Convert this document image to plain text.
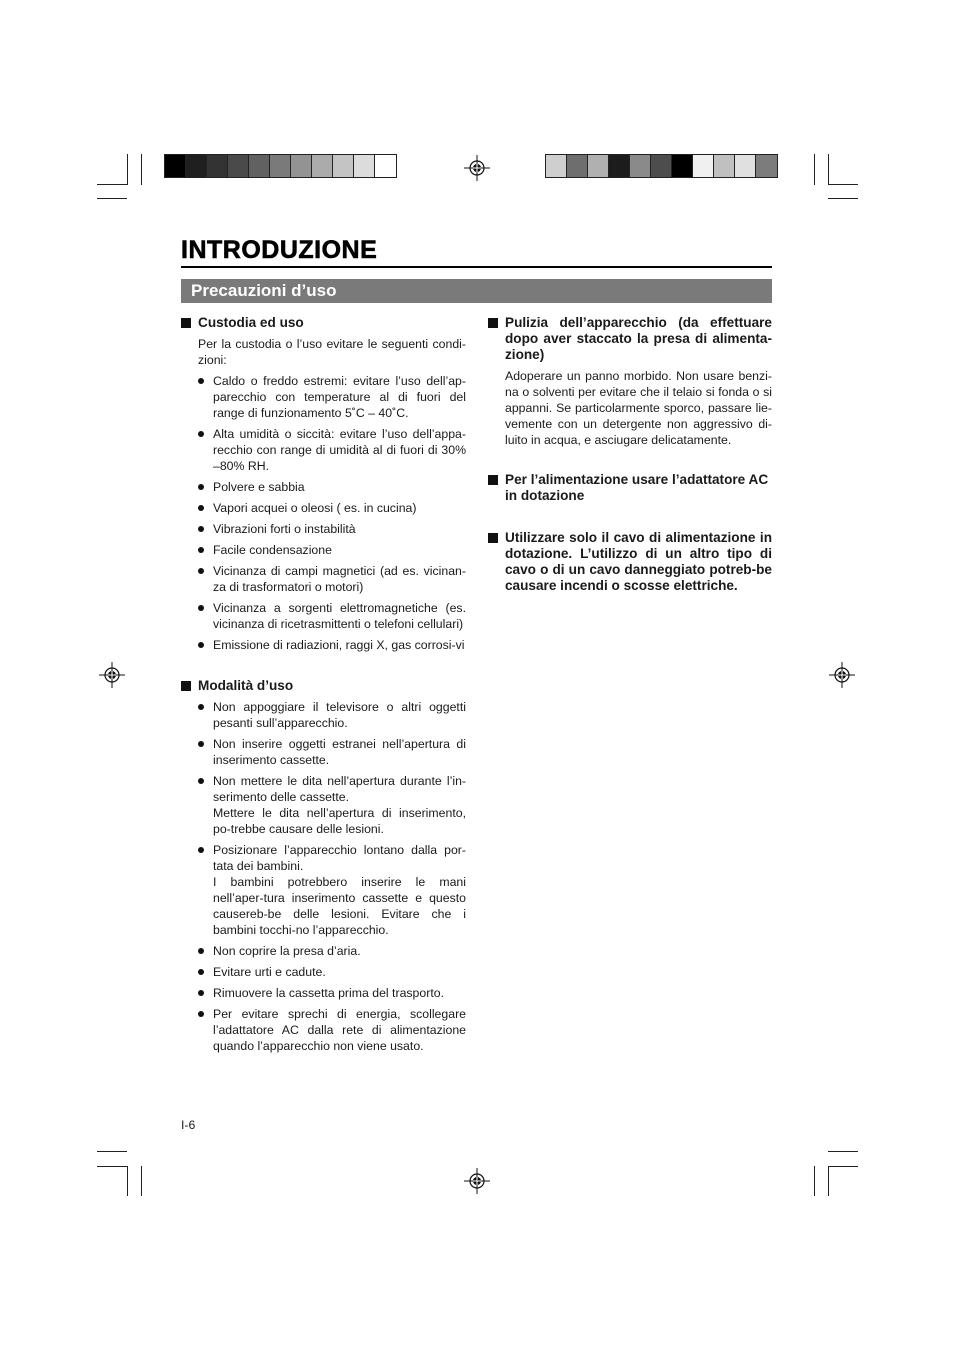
INTRODUZIONE
Precauzioni d’uso
Custodia ed uso
Per la custodia o l’uso evitare le seguenti condi-zioni:
Caldo o freddo estremi: evitare l’uso dell’ap-parecchio con temperature al di fuori del range di funzionamento 5˚C – 40˚C.
Alta umidità o siccità: evitare l’uso dell’appa-recchio con range di umidità al di fuori di 30% –80% RH.
Polvere e sabbia
Vapori acquei o oleosi ( es. in cucina)
Vibrazioni forti o instabilità
Facile condensazione
Vicinanza di campi magnetici (ad es. vicinan-za di trasformatori o motori)
Vicinanza a sorgenti elettromagnetiche (es. vicinanza di ricetrasmittenti o telefoni cellulari)
Emissione di radiazioni, raggi X, gas corrosi-vi
Modalità d’uso
Non appoggiare il televisore o altri oggetti pesanti sull’apparecchio.
Non inserire oggetti estranei nell’apertura di inserimento cassette.
Non mettere le dita nell’apertura durante l’in-serimento delle cassette.
Mettere le dita nell’apertura di inserimento, po-trebbe causare delle lesioni.
Posizionare l’apparecchio lontano dalla por-tata dei bambini.
I bambini potrebbero inserire le mani nell’aper-tura inserimento cassette e questo causereb-be delle lesioni. Evitare che i bambini tocchi-no l’apparecchio.
Non coprire la presa d’aria.
Evitare urti e cadute.
Rimuovere la cassetta prima del trasporto.
Per evitare sprechi di energia, scollegare l’adattatore AC dalla rete di alimentazione quando l’apparecchio non viene usato.
Pulizia dell’apparecchio (da effettuare dopo aver staccato la presa di alimenta-zione)
Adoperare un panno morbido. Non usare benzi-na o solventi per evitare che il telaio si fonda o si appanni. Se particolarmente sporco, passare lie-vemente con un detergente non aggressivo di-luito in acqua, e asciugare delicatamente.
Per l’alimentazione usare l’adattatore AC in dotazione
Utilizzare solo il cavo di alimentazione in dotazione. L’utilizzo di un altro tipo di cavo o di un cavo danneggiato potreb-be causare incendi o scosse elettriche.
I-6
